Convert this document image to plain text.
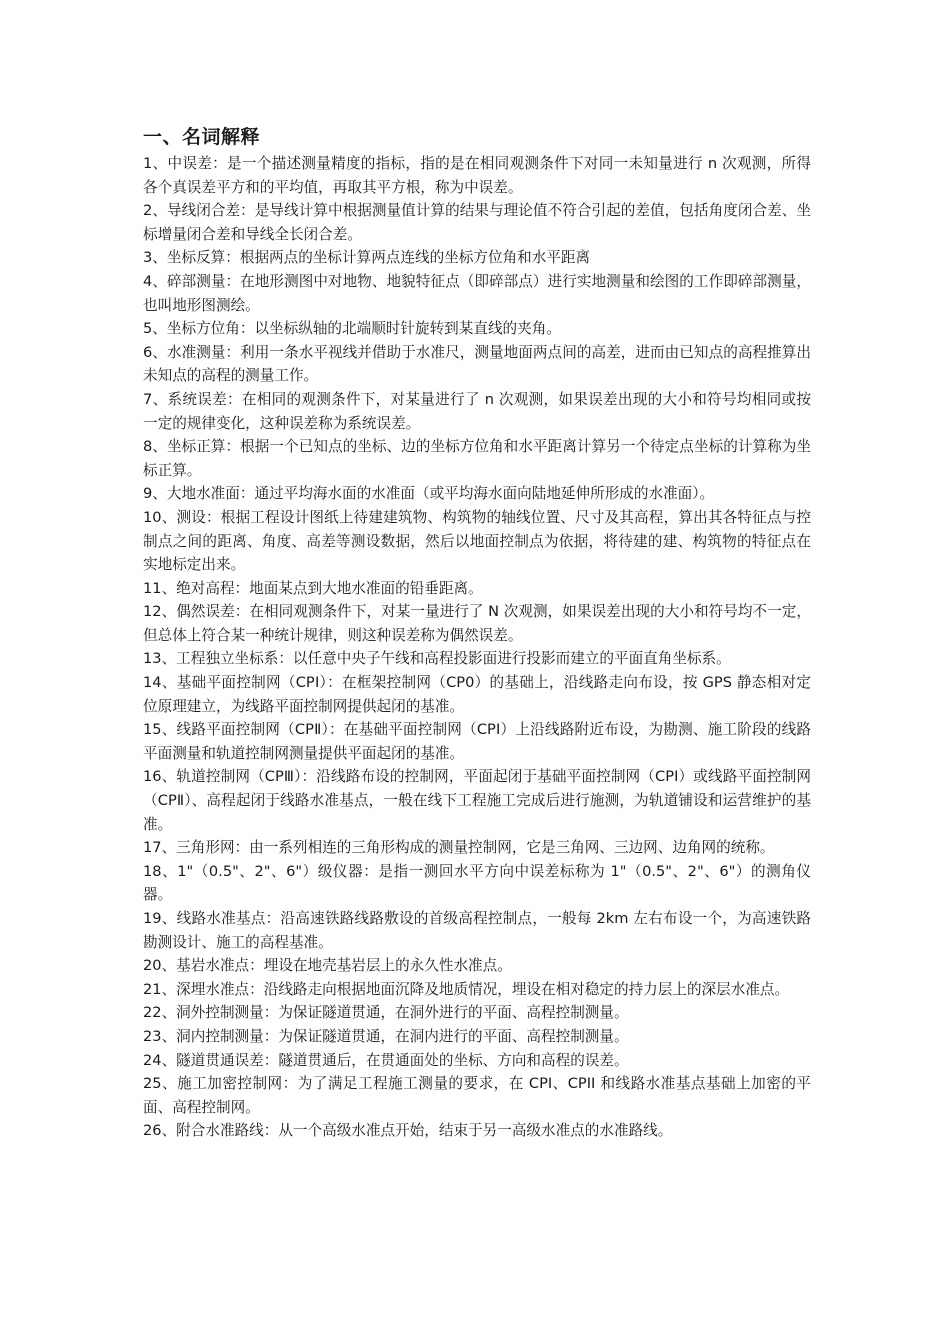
一、名词解释

1、中误差：是一个描述测量精度的指标，指的是在相同观测条件下对同一未知量进行 n 次观测，所得各个真误差平方和的平均值，再取其平方根，称为中误差。

2、导线闭合差：是导线计算中根据测量值计算的结果与理论值不符合引起的差值，包括角度闭合差、坐标增量闭合差和导线全长闭合差。

3、坐标反算：根据两点的坐标计算两点连线的坐标方位角和水平距离

4、碎部测量：在地形测图中对地物、地貌特征点（即碎部点）进行实地测量和绘图的工作即碎部测量，也叫地形图测绘。

5、坐标方位角：以坐标纵轴的北端顺时针旋转到某直线的夹角。

6、水准测量：利用一条水平视线并借助于水准尺，测量地面两点间的高差，进而由已知点的高程推算出未知点的高程的测量工作。

7、系统误差：在相同的观测条件下，对某量进行了 n 次观测，如果误差出现的大小和符号均相同或按一定的规律变化，这种误差称为系统误差。

8、坐标正算：根据一个已知点的坐标、边的坐标方位角和水平距离计算另一个待定点坐标的计算称为坐标正算。

9、大地水准面：通过平均海水面的水准面（或平均海水面向陆地延伸所形成的水准面）。

10、测设：根据工程设计图纸上待建建筑物、构筑物的轴线位置、尺寸及其高程，算出其各特征点与控制点之间的距离、角度、高差等测设数据，然后以地面控制点为依据，将待建的建、构筑物的特征点在实地标定出来。

11、绝对高程：地面某点到大地水准面的铅垂距离。

12、偶然误差：在相同观测条件下，对某一量进行了 N 次观测，如果误差出现的大小和符号均不一定，但总体上符合某一种统计规律，则这种误差称为偶然误差。

13、工程独立坐标系：以任意中央子午线和高程投影面进行投影而建立的平面直角坐标系。

14、基础平面控制网（CPⅠ）：在框架控制网（CP0）的基础上，沿线路走向布设，按 GPS 静态相对定位原理建立，为线路平面控制网提供起闭的基准。

15、线路平面控制网（CPⅡ）：在基础平面控制网（CPⅠ）上沿线路附近布设，为勘测、施工阶段的线路平面测量和轨道控制网测量提供平面起闭的基准。

16、轨道控制网（CPⅢ）：沿线路布设的控制网，平面起闭于基础平面控制网（CPⅠ）或线路平面控制网（CPⅡ）、高程起闭于线路水准基点，一般在线下工程施工完成后进行施测，为轨道铺设和运营维护的基准。

17、三角形网：由一系列相连的三角形构成的测量控制网，它是三角网、三边网、边角网的统称。

18、1"（0.5"、2"、6"）级仪器：是指一测回水平方向中误差标称为 1"（0.5"、2"、6"）的测角仪器。

19、线路水准基点：沿高速铁路线路敷设的首级高程控制点，一般每 2km 左右布设一个，为高速铁路勘测设计、施工的高程基准。

20、基岩水准点：埋设在地壳基岩层上的永久性水准点。

21、深埋水准点：沿线路走向根据地面沉降及地质情况，埋设在相对稳定的持力层上的深层水准点。

22、洞外控制测量：为保证隧道贯通，在洞外进行的平面、高程控制测量。

23、洞内控制测量：为保证隧道贯通，在洞内进行的平面、高程控制测量。

24、隧道贯通误差：隧道贯通后，在贯通面处的坐标、方向和高程的误差。

25、施工加密控制网：为了满足工程施工测量的要求，在 CPI、CPII 和线路水准基点基础上加密的平面、高程控制网。

26、附合水准路线：从一个高级水准点开始，结束于另一高级水准点的水准路线。
